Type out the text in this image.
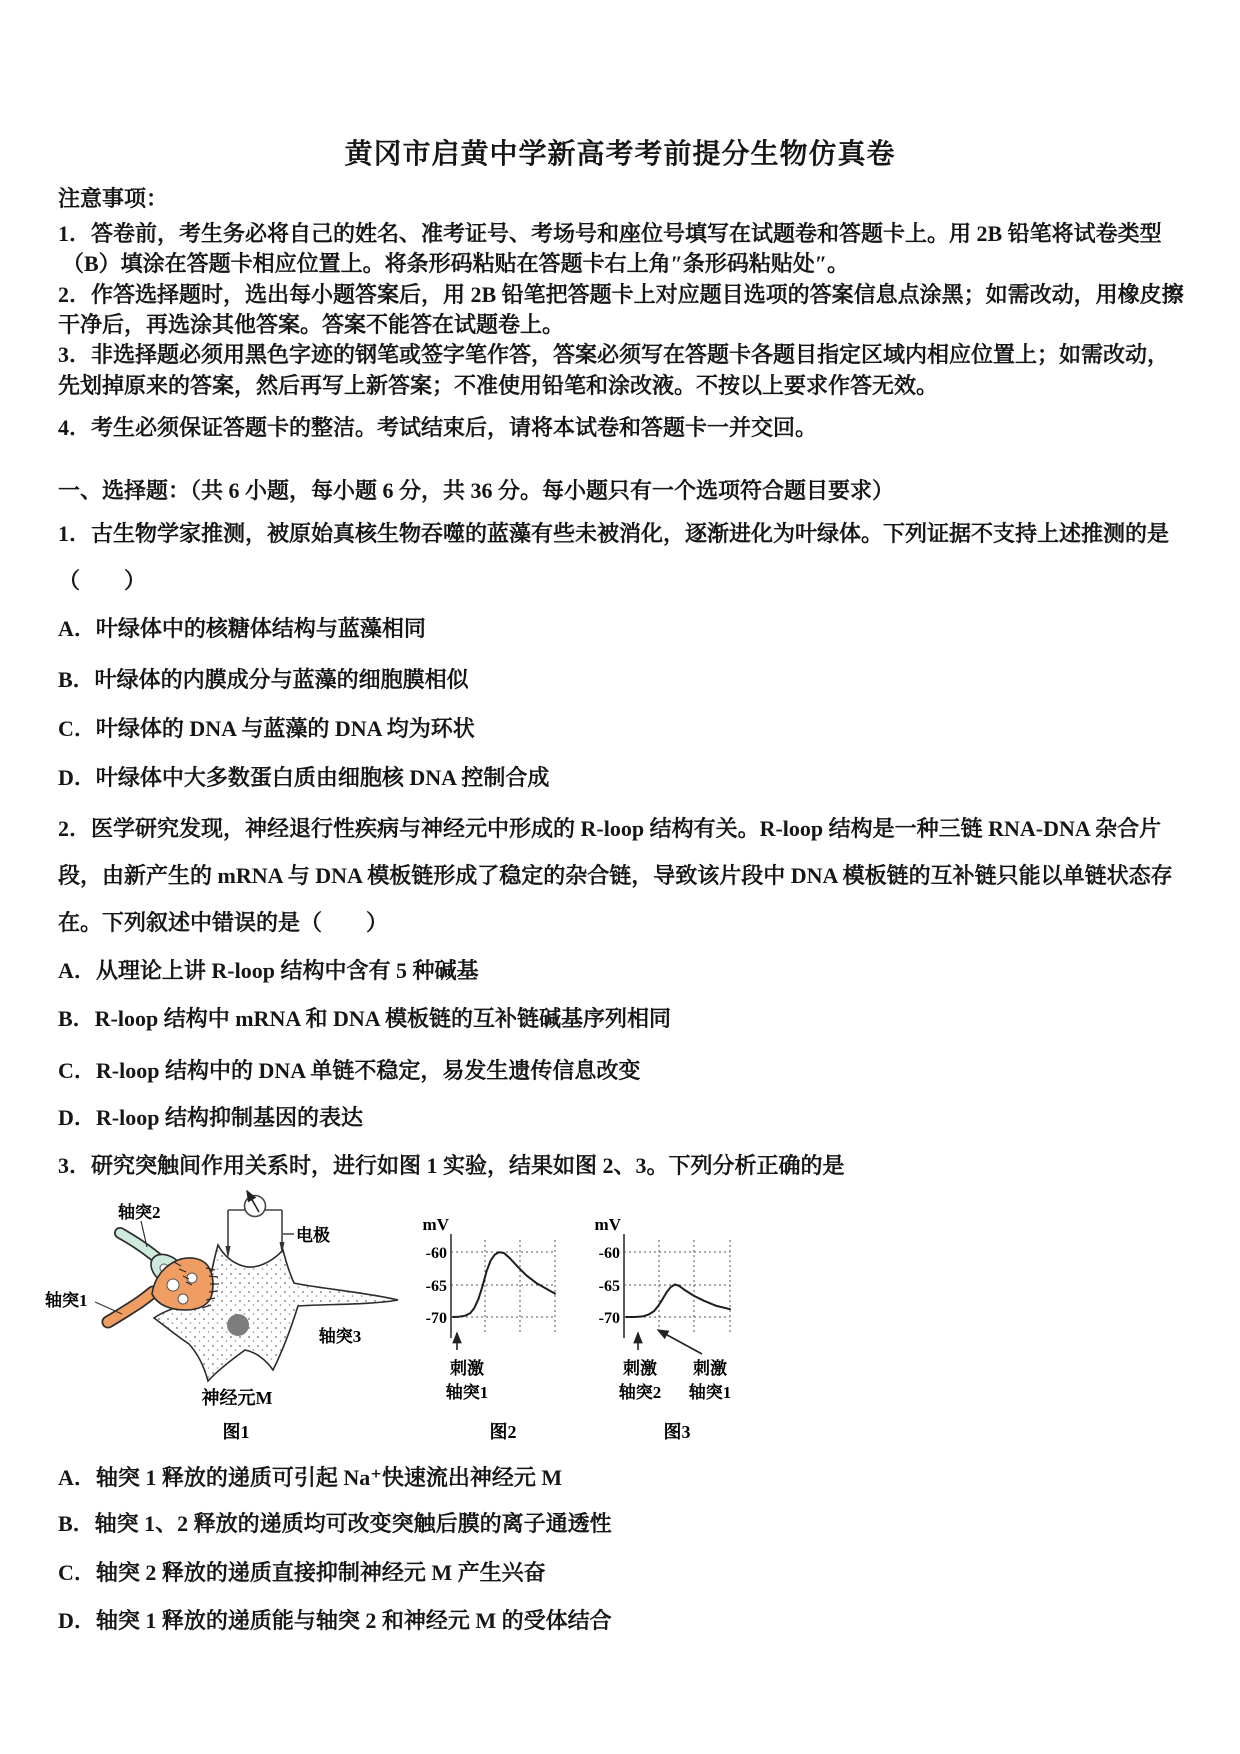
黄冈市启黄中学新高考考前提分生物仿真卷
注意事项：
1．答卷前，考生务必将自己的姓名、准考证号、考场号和座位号填写在试题卷和答题卡上。用 2B 铅笔将试卷类型
（B）填涂在答题卡相应位置上。将条形码粘贴在答题卡右上角″条形码粘贴处″。
2．作答选择题时，选出每小题答案后，用 2B 铅笔把答题卡上对应题目选项的答案信息点涂黑；如需改动，用橡皮擦
干净后，再选涂其他答案。答案不能答在试题卷上。
3．非选择题必须用黑色字迹的钢笔或签字笔作答，答案必须写在答题卡各题目指定区域内相应位置上；如需改动，
先划掉原来的答案，然后再写上新答案；不准使用铅笔和涂改液。不按以上要求作答无效。
4．考生必须保证答题卡的整洁。考试结束后，请将本试卷和答题卡一并交回。
一、选择题：（共 6 小题，每小题 6 分，共 36 分。每小题只有一个选项符合题目要求）
1．古生物学家推测，被原始真核生物吞噬的蓝藻有些未被消化，逐渐进化为叶绿体。下列证据不支持上述推测的是
（　　）
A．叶绿体中的核糖体结构与蓝藻相同
B．叶绿体的内膜成分与蓝藻的细胞膜相似
C．叶绿体的 DNA 与蓝藻的 DNA 均为环状
D．叶绿体中大多数蛋白质由细胞核 DNA 控制合成
2．医学研究发现，神经退行性疾病与神经元中形成的 R-loop 结构有关。R-loop 结构是一种三链 RNA-DNA 杂合片
段，由新产生的 mRNA 与 DNA 模板链形成了稳定的杂合链，导致该片段中 DNA 模板链的互补链只能以单链状态存
在。下列叙述中错误的是（　　）
A．从理论上讲 R-loop 结构中含有 5 种碱基
B．R-loop 结构中 mRNA 和 DNA 模板链的互补链碱基序列相同
C．R-loop 结构中的 DNA 单链不稳定，易发生遗传信息改变
D．R-loop 结构抑制基因的表达
3．研究突触间作用关系时，进行如图 1 实验，结果如图 2、3。下列分析正确的是
轴突2
轴突1
电极
轴突3
神经元M
图1
mV
-60
-65
-70
刺激
轴突1
图2
mV
-60
-65
-70
刺激
轴突2
刺激
轴突1
图3
A．轴突 1 释放的递质可引起 Na⁺快速流出神经元 M
B．轴突 1、2 释放的递质均可改变突触后膜的离子通透性
C．轴突 2 释放的递质直接抑制神经元 M 产生兴奋
D．轴突 1 释放的递质能与轴突 2 和神经元 M 的受体结合
